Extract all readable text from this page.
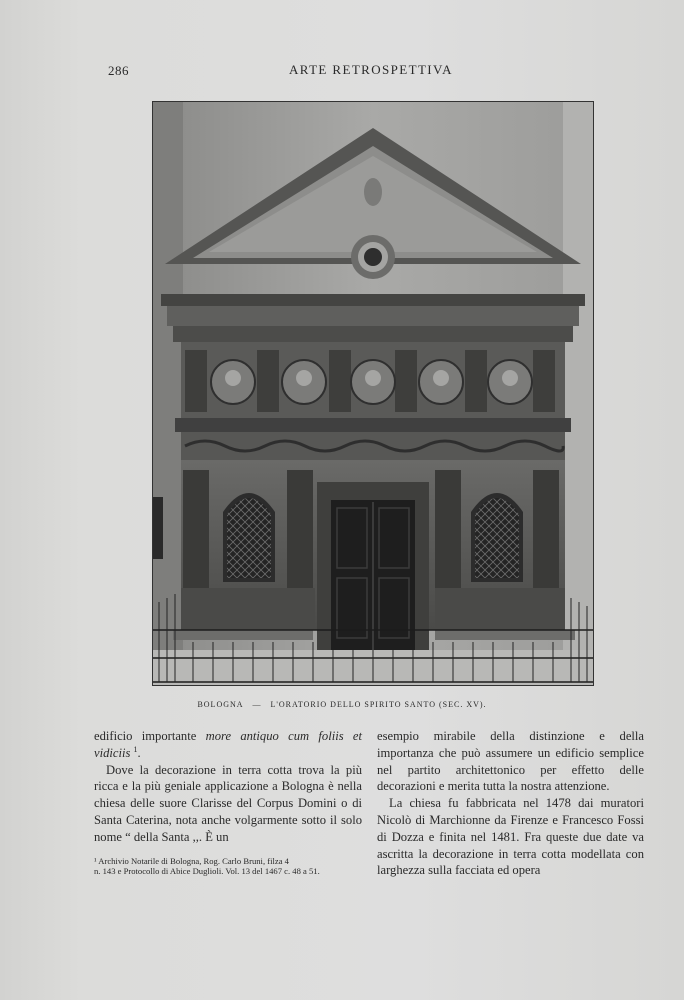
286	ARTE RETROSPETTIVA
BOLOGNA — L'ORATORIO DELLO SPIRITO SANTO (SEC. XV).

edificio importante more antiquo cum foliis et vidiciis $^1$.

Dove la decorazione in terra cotta trova la più ricca e la più geniale applicazione a Bologna è nella chiesa delle suore Clarisse del Corpus Domini o di Santa Caterina, nota anche volgarmente sotto il solo nome “ della Santa ,,. È un

¹ Archivio Notarile di Bologna, Rog. Carlo Bruni, filza 4
n. 143 e Protocollo di Abice Duglioli. Vol. 13 del 1467 c. 48 a 51.

esempio mirabile della distinzione e della importanza che può assumere un edificio semplice nel partito architettonico per effetto delle decorazioni e merita tutta la nostra attenzione.

La chiesa fu fabbricata nel 1478 dai muratori Nicolò di Marchionne da Firenze e Francesco Fossi di Dozza e finita nel 1481. Fra queste due date va ascritta la decorazione in terra cotta modellata con larghezza sulla facciata ed opera
